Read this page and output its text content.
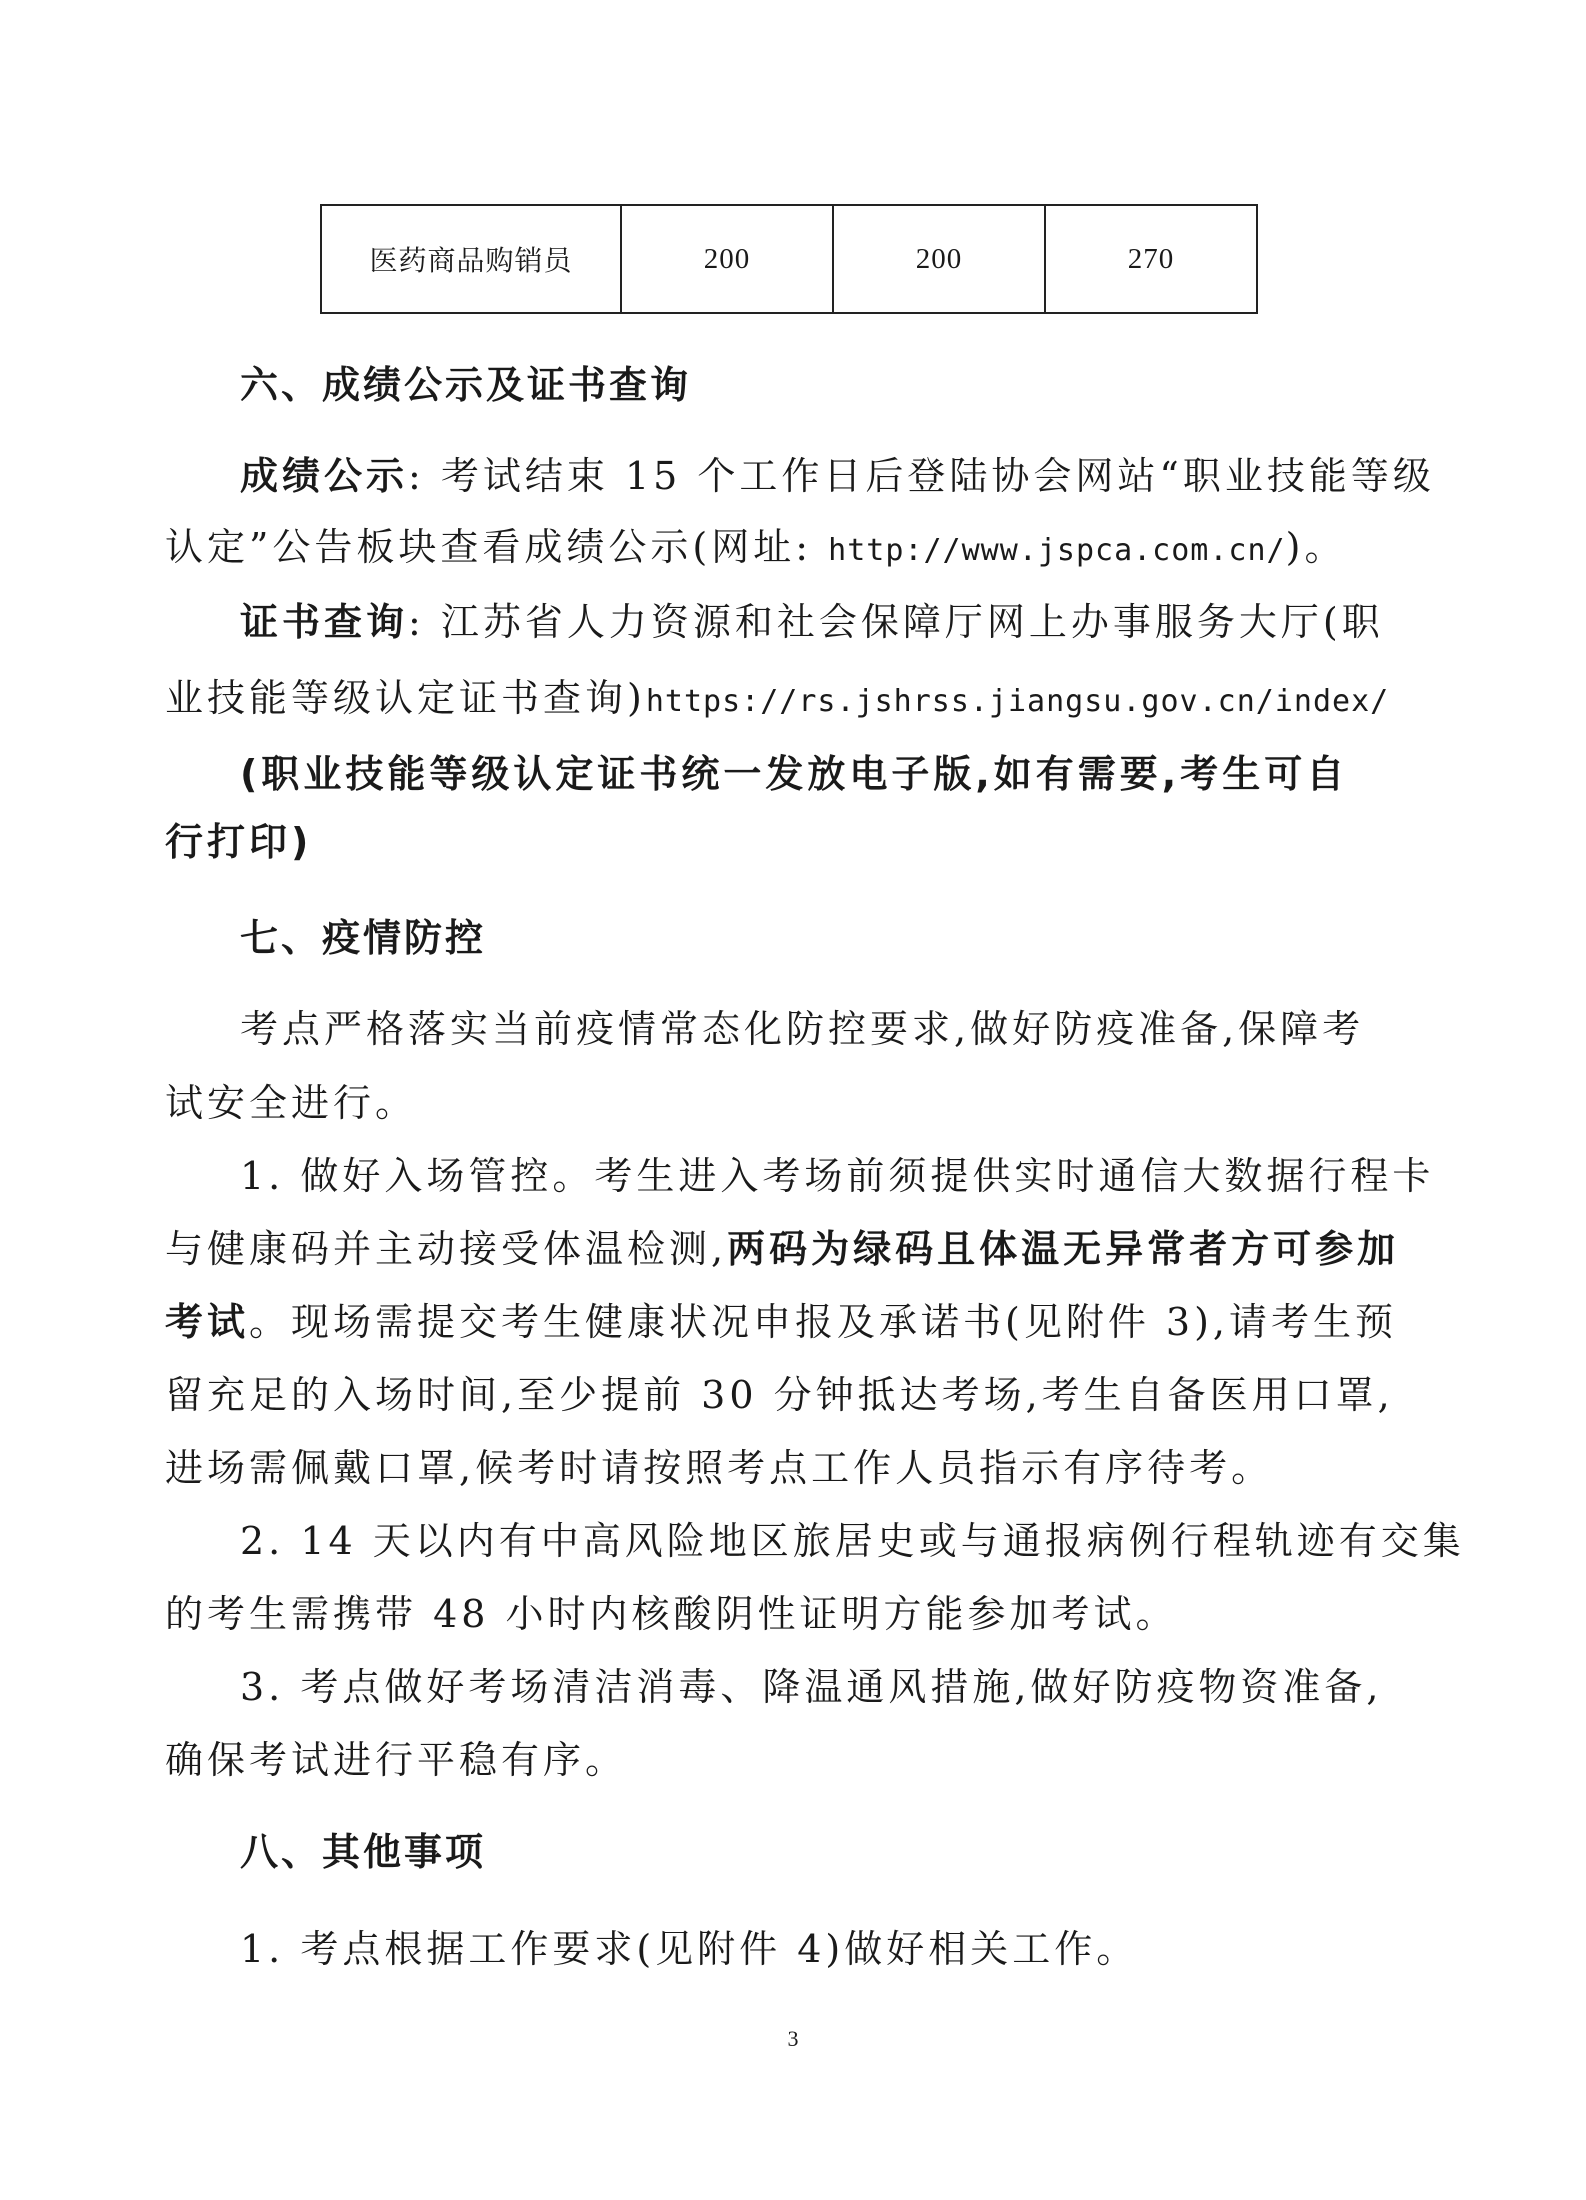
医药商品购销员	200	200	270
六、成绩公示及证书查询
成绩公示: 考试结束 15 个工作日后登陆协会网站“职业技能等级
认定”公告板块查看成绩公示(网址: http://www.jspca.com.cn/)。
证书查询: 江苏省人力资源和社会保障厅网上办事服务大厅(职
业技能等级认定证书查询)https://rs.jshrss.jiangsu.gov.cn/index/
(职业技能等级认定证书统一发放电子版,如有需要,考生可自
行打印)
七、疫情防控
考点严格落实当前疫情常态化防控要求,做好防疫准备,保障考
试安全进行。
1. 做好入场管控。考生进入考场前须提供实时通信大数据行程卡
与健康码并主动接受体温检测,两码为绿码且体温无异常者方可参加
考试。现场需提交考生健康状况申报及承诺书(见附件 3),请考生预
留充足的入场时间,至少提前 30 分钟抵达考场,考生自备医用口罩,
进场需佩戴口罩,候考时请按照考点工作人员指示有序待考。
2. 14 天以内有中高风险地区旅居史或与通报病例行程轨迹有交集
的考生需携带 48 小时内核酸阴性证明方能参加考试。
3. 考点做好考场清洁消毒、降温通风措施,做好防疫物资准备,
确保考试进行平稳有序。
八、其他事项
1. 考点根据工作要求(见附件 4)做好相关工作。
3
